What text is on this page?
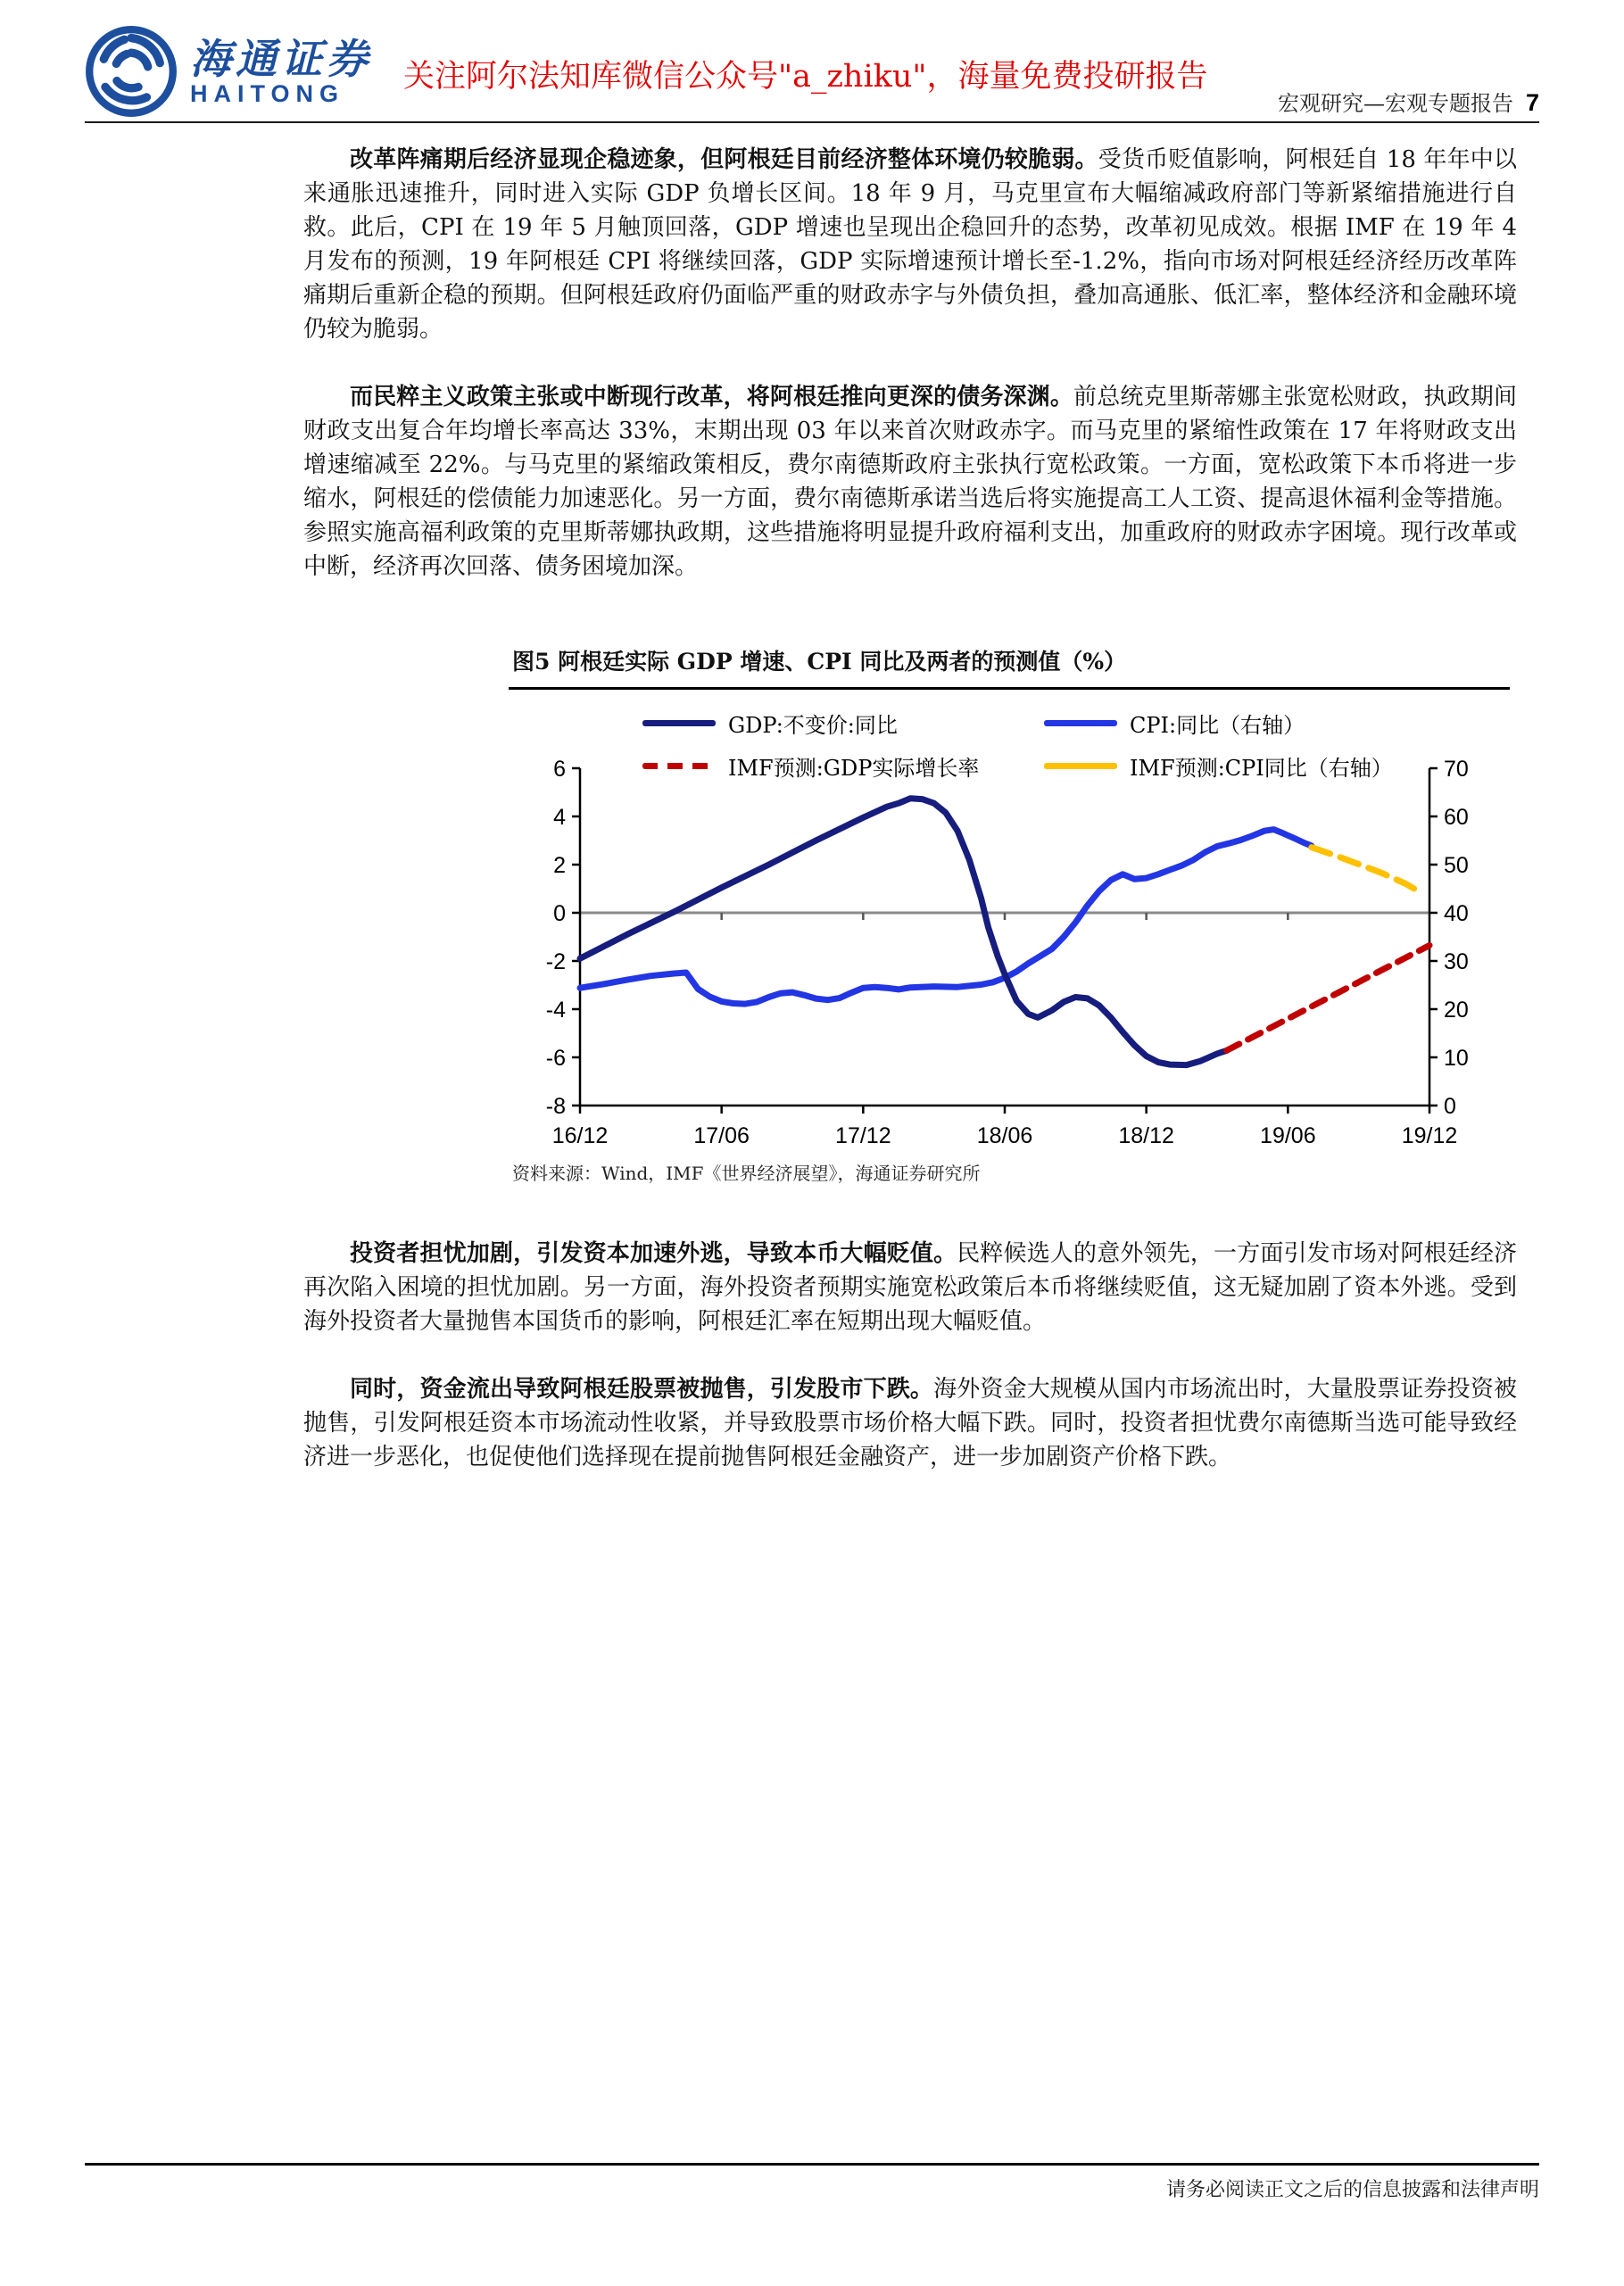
海通证券
HAITONG 关注阿尔法知库微信公众号"a_zhiku"，海量免费投研报告
宏观研究—宏观专题报告 7

改革阵痛期后经济显现企稳迹象，但阿根廷目前经济整体环境仍较脆弱。受货币贬值影响，阿根廷自 18 年年中以来通胀迅速推升，同时进入实际 GDP 负增长区间。18 年 9 月，马克里宣布大幅缩减政府部门等新紧缩措施进行自救。此后，CPI 在 19 年 5 月触顶回落，GDP 增速也呈现出企稳回升的态势，改革初见成效。根据 IMF 在 19 年 4 月发布的预测，19 年阿根廷 CPI 将继续回落，GDP 实际增速预计增长至-1.2%，指向市场对阿根廷经济经历改革阵痛期后重新企稳的预期。但阿根廷政府仍面临严重的财政赤字与外债负担，叠加高通胀、低汇率，整体经济和金融环境仍较为脆弱。

而民粹主义政策主张或中断现行改革，将阿根廷推向更深的债务深渊。前总统克里斯蒂娜主张宽松财政，执政期间财政支出复合年均增长率高达 33%，末期出现 03 年以来首次财政赤字。而马克里的紧缩性政策在 17 年将财政支出增速缩减至 22%。与马克里的紧缩政策相反，费尔南德斯政府主张执行宽松政策。一方面，宽松政策下本币将进一步缩水，阿根廷的偿债能力加速恶化。另一方面，费尔南德斯承诺当选后将实施提高工人工资、提高退休福利金等措施。参照实施高福利政策的克里斯蒂娜执政期，这些措施将明显提升政府福利支出，加重政府的财政赤字困境。现行改革或中断，经济再次回落、债务困境加深。

图5 阿根廷实际 GDP 增速、CPI 同比及两者的预测值（%）
6
4
2
0
-2
-4
-6
-8
70
60
50
40
30
20
10
0
16/12	17/06	17/12	18/06	18/12	19/06	19/12
GDP:不变价:同比	CPI:同比（右轴）
IMF预测:GDP实际增长率	IMF预测:CPI同比（右轴）
资料来源：Wind，IMF《世界经济展望》，海通证券研究所

投资者担忧加剧，引发资本加速外逃，导致本币大幅贬值。民粹候选人的意外领先，一方面引发市场对阿根廷经济再次陷入困境的担忧加剧。另一方面，海外投资者预期实施宽松政策后本币将继续贬值，这无疑加剧了资本外逃。受到海外投资者大量抛售本国货币的影响，阿根廷汇率在短期出现大幅贬值。

同时，资金流出导致阿根廷股票被抛售，引发股市下跌。海外资金大规模从国内市场流出时，大量股票证券投资被抛售，引发阿根廷资本市场流动性收紧，并导致股票市场价格大幅下跌。同时，投资者担忧费尔南德斯当选可能导致经济进一步恶化，也促使他们选择现在提前抛售阿根廷金融资产，进一步加剧资产价格下跌。

请务必阅读正文之后的信息披露和法律声明
